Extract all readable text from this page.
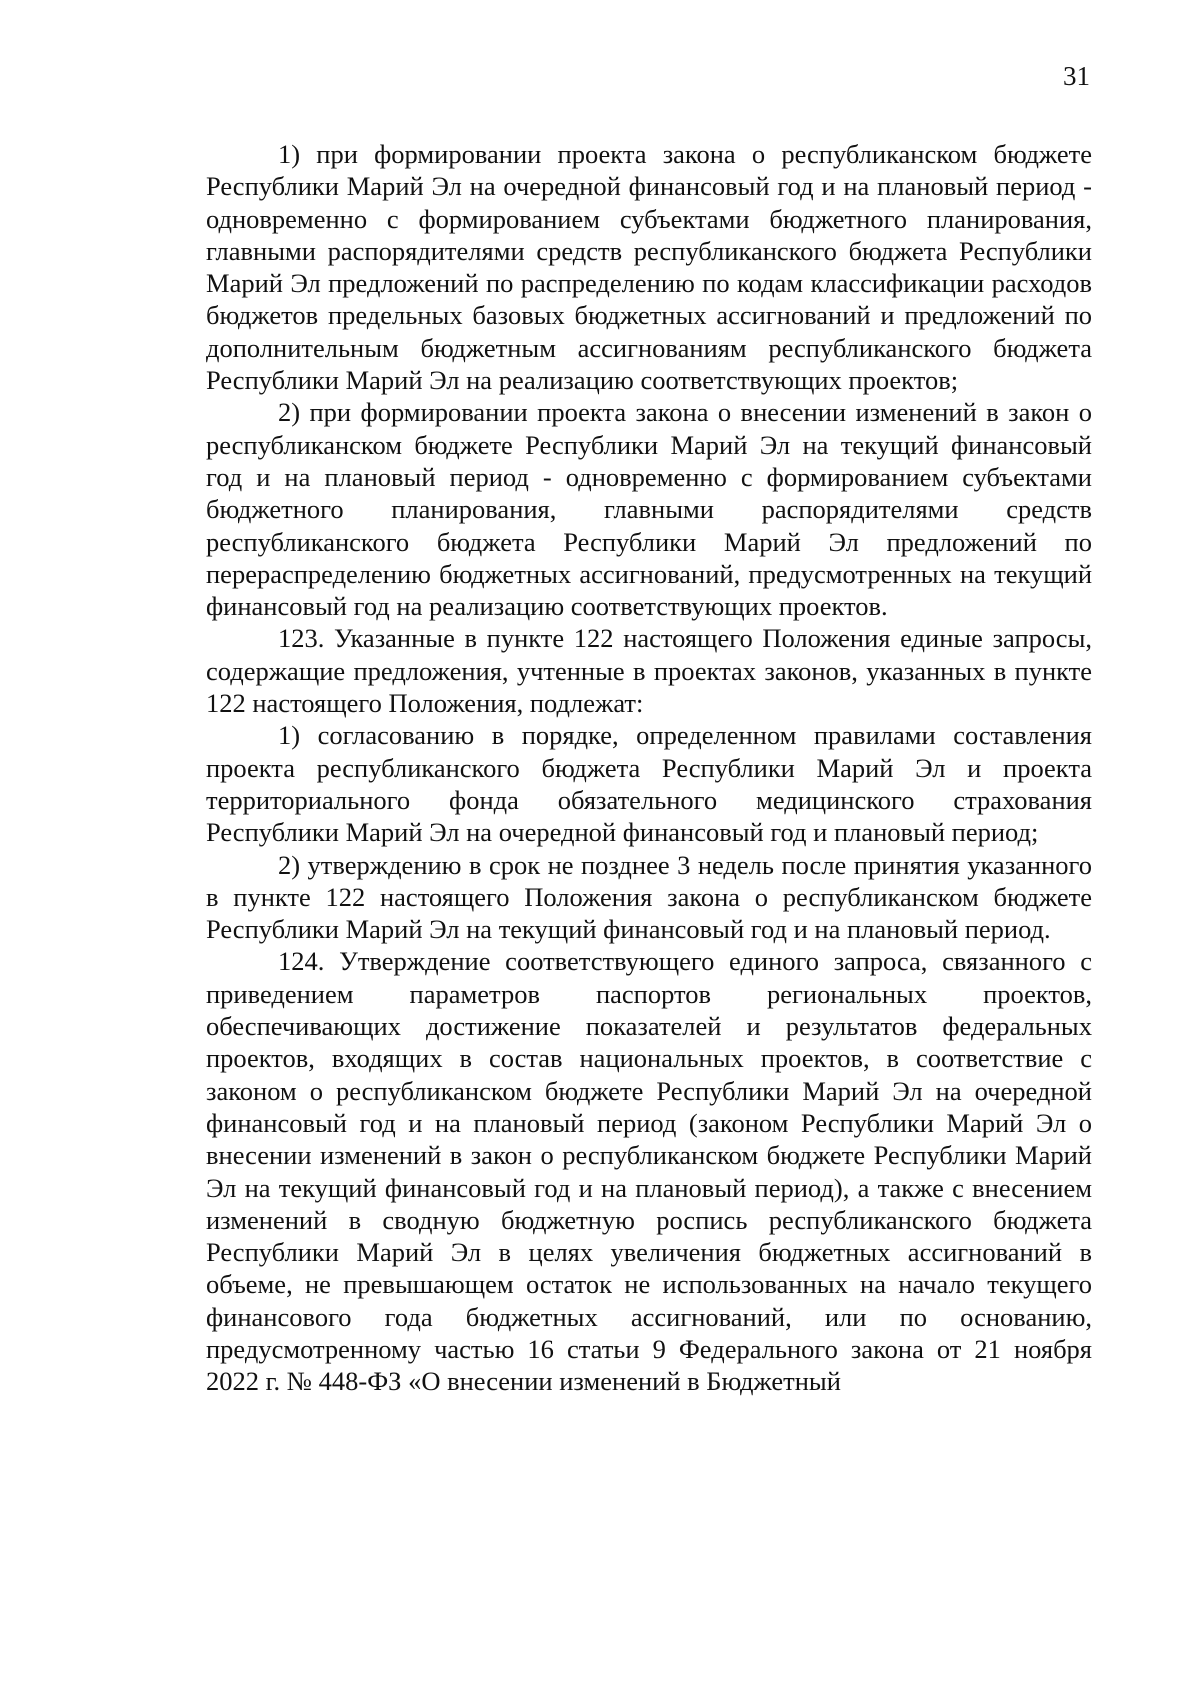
31

1) при формировании проекта закона о республиканском бюджете Республики Марий Эл на очередной финансовый год и на плановый период - одновременно с формированием субъектами бюджетного планирования, главными распорядителями средств республиканского бюджета Республики Марий Эл предложений по распределению по кодам классификации расходов бюджетов предельных базовых бюджетных ассигнований и предложений по дополнительным бюджетным ассигнованиям республиканского бюджета Республики Марий Эл на реализацию соответствующих проектов;

2) при формировании проекта закона о внесении изменений в закон о республиканском бюджете Республики Марий Эл на текущий финансовый год и на плановый период - одновременно с формированием субъектами бюджетного планирования, главными распорядителями средств республиканского бюджета Республики Марий Эл предложений по перераспределению бюджетных ассигнований, предусмотренных на текущий финансовый год на реализацию соответствующих проектов.

123. Указанные в пункте 122 настоящего Положения единые запросы, содержащие предложения, учтенные в проектах законов, указанных в пункте 122 настоящего Положения, подлежат:

1) согласованию в порядке, определенном правилами составления проекта республиканского бюджета Республики Марий Эл и проекта территориального фонда обязательного медицинского страхования Республики Марий Эл на очередной финансовый год и плановый период;

2) утверждению в срок не позднее 3 недель после принятия указанного в пункте 122 настоящего Положения закона о республиканском бюджете Республики Марий Эл на текущий финансовый год и на плановый период.

124. Утверждение соответствующего единого запроса, связанного с приведением параметров паспортов региональных проектов, обеспечивающих достижение показателей и результатов федеральных проектов, входящих в состав национальных проектов, в соответствие с законом о республиканском бюджете Республики Марий Эл на очередной финансовый год и на плановый период (законом Республики Марий Эл о внесении изменений в закон о республиканском бюджете Республики Марий Эл на текущий финансовый год и на плановый период), а также с внесением изменений в сводную бюджетную роспись республиканского бюджета Республики Марий Эл в целях увеличения бюджетных ассигнований в объеме, не превышающем остаток не использованных на начало текущего финансового года бюджетных ассигнований, или по основанию, предусмотренному частью 16 статьи 9 Федерального закона от 21 ноября 2022 г. № 448-ФЗ «О внесении изменений в Бюджетный
